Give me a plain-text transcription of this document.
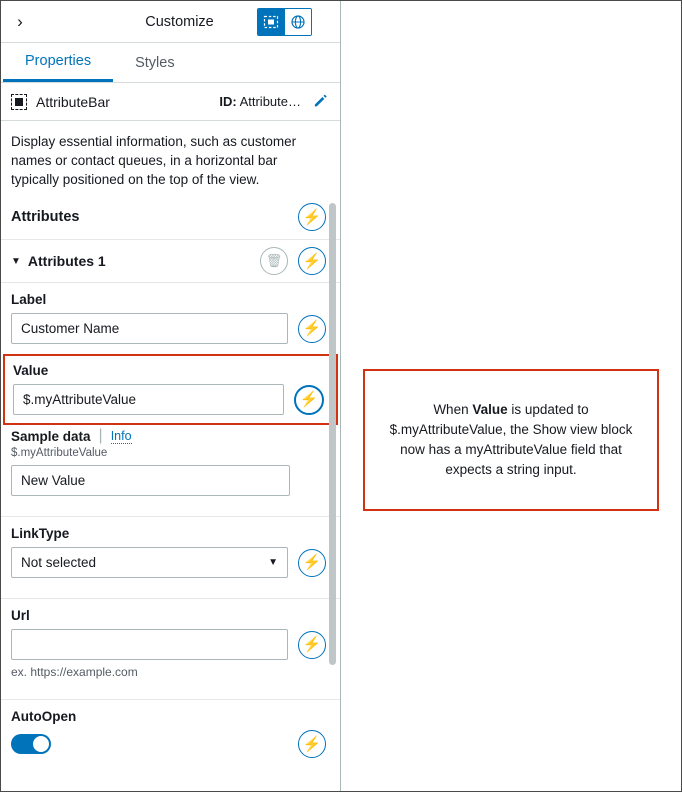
›	Customize
Properties	Styles
AttributeBar	ID: Attribute…
Display essential information, such as customer names or contact queues, in a horizontal bar typically positioned on the top of the view.
Attributes	⚡
▼ Attributes 1	🗑	⚡
Label
Customer Name	⚡
Value
$.myAttributeValue	⚡
Sample data | Info
$.myAttributeValue
New Value
LinkType
Not selected	▼	⚡
Url
⚡
ex. https://example.com
AutoOpen
⚡

When Value is updated to $.myAttributeValue, the Show view block now has a myAttributeValue field that expects a string input.
